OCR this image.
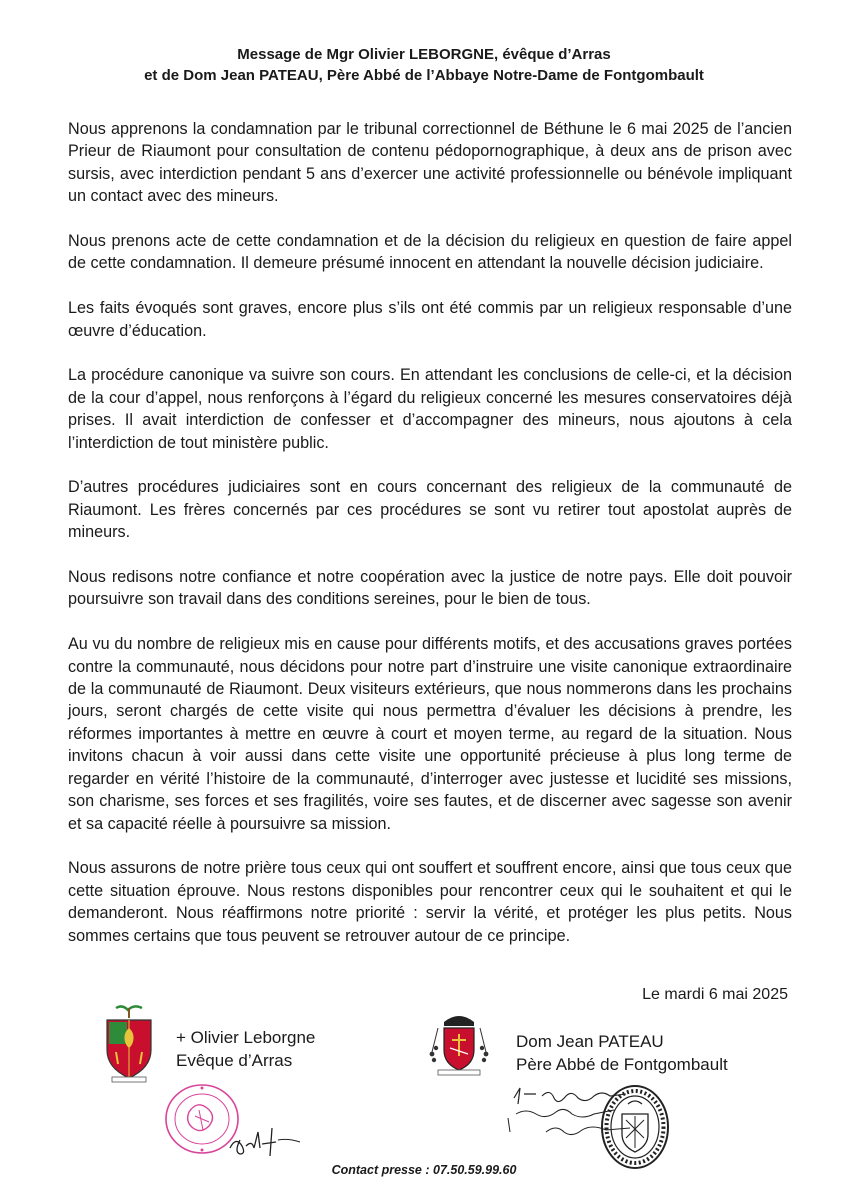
Message de Mgr Olivier LEBORGNE, évêque d’Arras
et de Dom Jean PATEAU, Père Abbé de l’Abbaye Notre-Dame de Fontgombault

Nous apprenons la condamnation par le tribunal correctionnel de Béthune le 6 mai 2025 de l’ancien Prieur de Riaumont pour consultation de contenu pédopornographique, à deux ans de prison avec sursis, avec interdiction pendant 5 ans d’exercer une activité professionnelle ou bénévole impliquant un contact avec des mineurs.

Nous prenons acte de cette condamnation et de la décision du religieux en question de faire appel de cette condamnation. Il demeure présumé innocent en attendant la nouvelle décision judiciaire.

Les faits évoqués sont graves, encore plus s’ils ont été commis par un religieux responsable d’une œuvre d’éducation.

La procédure canonique va suivre son cours. En attendant les conclusions de celle-ci, et la décision de la cour d’appel, nous renforçons à l’égard du religieux concerné les mesures conservatoires déjà prises. Il avait interdiction de confesser et d’accompagner des mineurs, nous ajoutons à cela l’interdiction de tout ministère public.

D’autres procédures judiciaires sont en cours concernant des religieux de la communauté de Riaumont. Les frères concernés par ces procédures se sont vu retirer tout apostolat auprès de mineurs.

Nous redisons notre confiance et notre coopération avec la justice de notre pays. Elle doit pouvoir poursuivre son travail dans des conditions sereines, pour le bien de tous.

Au vu du nombre de religieux mis en cause pour différents motifs, et des accusations graves portées contre la communauté, nous décidons pour notre part d’instruire une visite canonique extraordinaire de la communauté de Riaumont. Deux visiteurs extérieurs, que nous nommerons dans les prochains jours, seront chargés de cette visite qui nous permettra d’évaluer les décisions à prendre, les réformes importantes à mettre en œuvre à court et moyen terme, au regard de la situation. Nous invitons chacun à voir aussi dans cette visite une opportunité précieuse à plus long terme de regarder en vérité l’histoire de la communauté, d’interroger avec justesse et lucidité ses missions, son charisme, ses forces et ses fragilités, voire ses fautes, et de discerner avec sagesse son avenir et sa capacité réelle à poursuivre sa mission.

Nous assurons de notre prière tous ceux qui ont souffert et souffrent encore, ainsi que tous ceux que cette situation éprouve. Nous restons disponibles pour rencontrer ceux qui le souhaitent et qui le demanderont. Nous réaffirmons notre priorité : servir la vérité, et protéger les plus petits. Nous sommes certains que tous peuvent se retrouver autour de ce principe.

Le mardi 6 mai 2025
+ Olivier Leborgne
Evêque d’Arras
Dom Jean PATEAU
Père Abbé de Fontgombault
Contact presse : 07.50.59.99.60
